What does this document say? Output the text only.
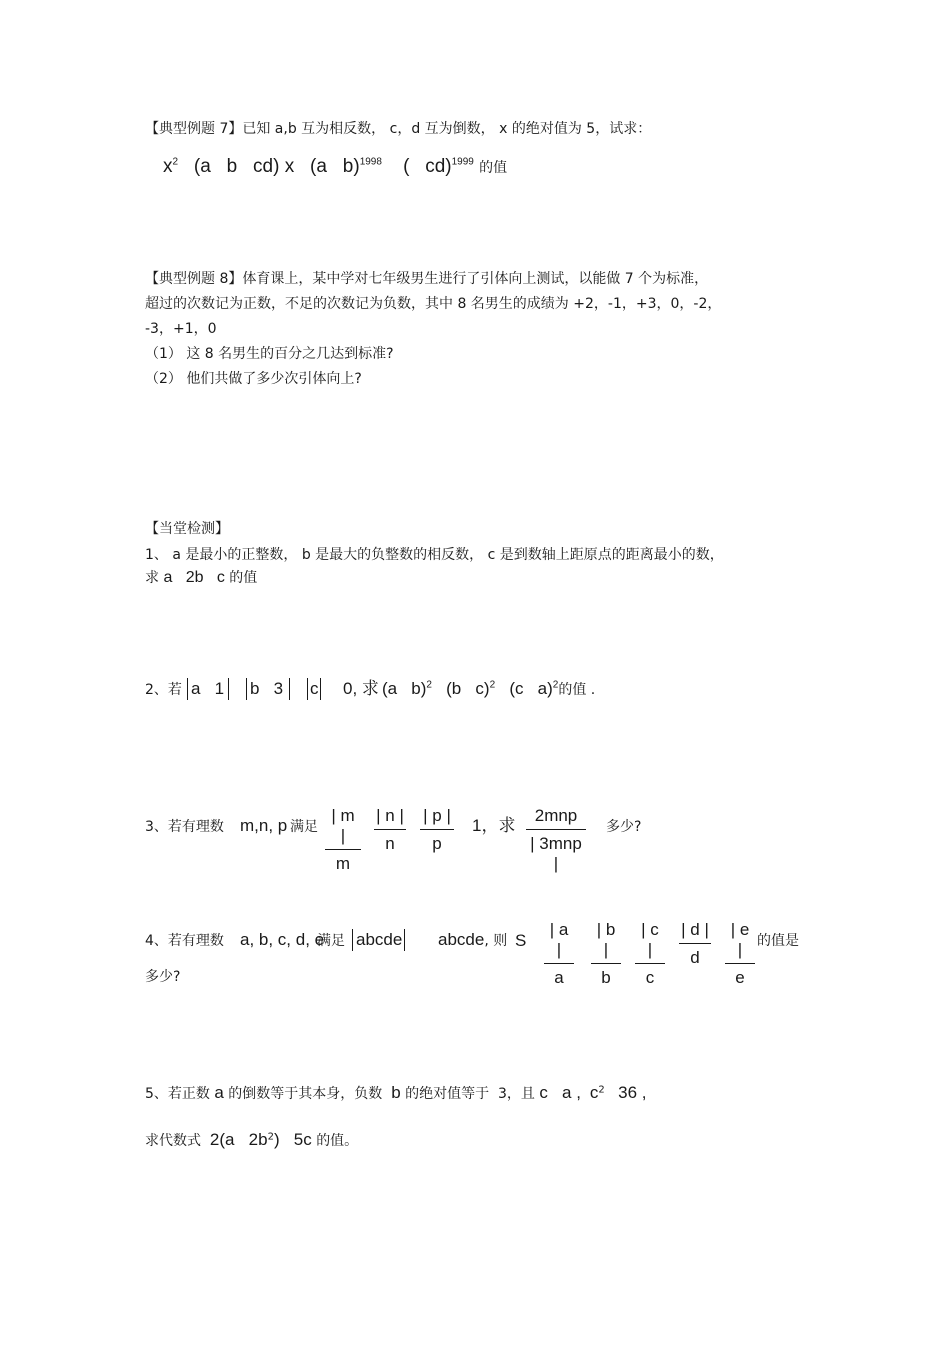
【典型例题 7】已知 a,b 互为相反数， c，d 互为倒数， x 的绝对值为 5，试求：
$x^2$ (a   b   cd) x   (a   b)$^{1998}$ (   cd)$^{1999}$ 的值
【典型例题 8】体育课上，某中学对七年级男生进行了引体向上测试，以能做 7 个为标准，
超过的次数记为正数，不足的次数记为负数，其中 8 名男生的成绩为 +2，-1，+3，0，-2，
-3，+1，0
（1） 这 8 名男生的百分之几达到标准?
（2） 他们共做了多少次引体向上?
【当堂检测】
1、 a 是最小的正整数， b 是最大的负整数的相反数， c 是到数轴上距原点的距离最小的数，
求 a   2b   c 的值
2、若 a   1 b   3 c 0, 求 (a   b)$^2$ (b   c)$^2$ (c   a)$^2$的值 .
3、若有理数 m,n, p 满足 $\frac{| m |}{m} \frac{| n |}{n} \frac{| p |}{p} 1$，求
2mnp
| 3mnp |
多少?
4、若有理数 a, b, c, d, e
满足 abcde abcde, 则 S $\frac{| a |}{a} \frac{| b |}{b} \frac{| c |}{c} \frac{| d |}{d} \frac{| e |}{e}$ 的值是
多少?
5、若正数 a 的倒数等于其本身，负数 b 的绝对值等于  3，且 c   a , $c^2$ 36 ,
求代数式 2(a   $2b^2$)   5c 的值。
